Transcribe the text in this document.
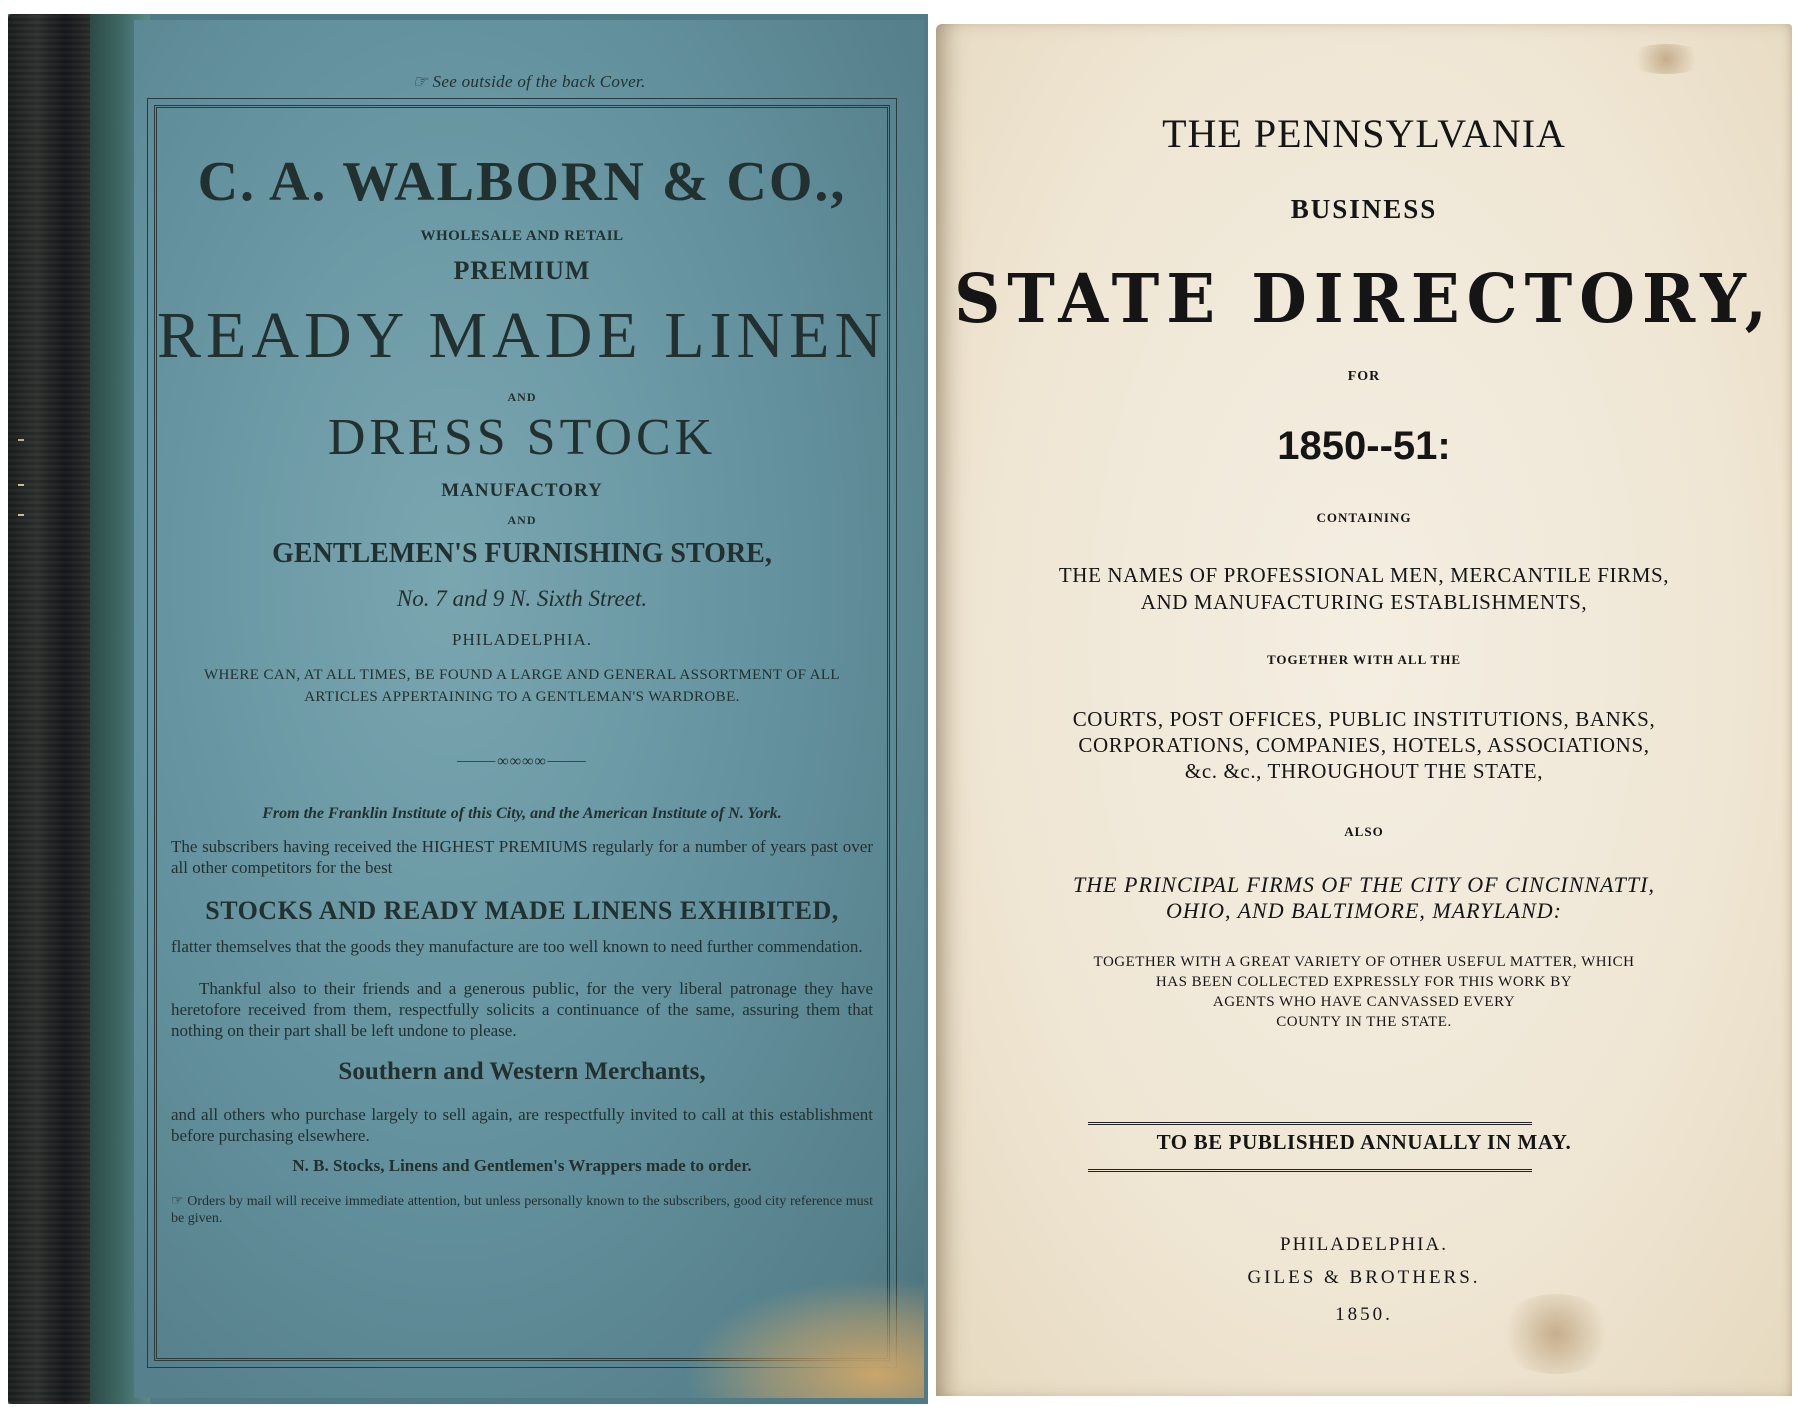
☞ See outside of the back Cover.
C. A. WALBORN & CO.,
WHOLESALE AND RETAIL
PREMIUM
READY MADE LINEN
AND
DRESS STOCK
MANUFACTORY
AND
GENTLEMEN'S FURNISHING STORE,
No. 7 and 9 N. Sixth Street.
PHILADELPHIA.
WHERE CAN, AT ALL TIMES, BE FOUND A LARGE AND GENERAL ASSORTMENT OF ALL ARTICLES APPERTAINING TO A GENTLEMAN'S WARDROBE.
⸻∞∞∞∞⸻
From the Franklin Institute of this City, and the American Institute of N. York.
The subscribers having received the HIGHEST PREMIUMS regularly for a number of years past over all other competitors for the best
STOCKS AND READY MADE LINENS EXHIBITED,
flatter themselves that the goods they manufacture are too well known to need further commendation.
Thankful also to their friends and a generous public, for the very liberal patronage they have heretofore received from them, respectfully solicits a continuance of the same, assuring them that nothing on their part shall be left undone to please.
Southern and Western Merchants,
and all others who purchase largely to sell again, are respectfully invited to call at this establishment before purchasing elsewhere.
N. B. Stocks, Linens and Gentlemen's Wrappers made to order.
☞ Orders by mail will receive immediate attention, but unless personally known to the subscribers, good city reference must be given.
THE PENNSYLVANIA
BUSINESS
STATE DIRECTORY,
FOR
1850--51:
CONTAINING
THE NAMES OF PROFESSIONAL MEN, MERCANTILE FIRMS,
AND MANUFACTURING ESTABLISHMENTS,
TOGETHER WITH ALL THE
COURTS, POST OFFICES, PUBLIC INSTITUTIONS, BANKS,
CORPORATIONS, COMPANIES, HOTELS, ASSOCIATIONS,
&c. &c., THROUGHOUT THE STATE,
ALSO
THE PRINCIPAL FIRMS OF THE CITY OF CINCINNATTI,
OHIO, AND BALTIMORE, MARYLAND:
TOGETHER WITH A GREAT VARIETY OF OTHER USEFUL MATTER, WHICH
HAS BEEN COLLECTED EXPRESSLY FOR THIS WORK BY
AGENTS WHO HAVE CANVASSED EVERY
COUNTY IN THE STATE.
TO BE PUBLISHED ANNUALLY IN MAY.
PHILADELPHIA.
GILES & BROTHERS.
1850.
